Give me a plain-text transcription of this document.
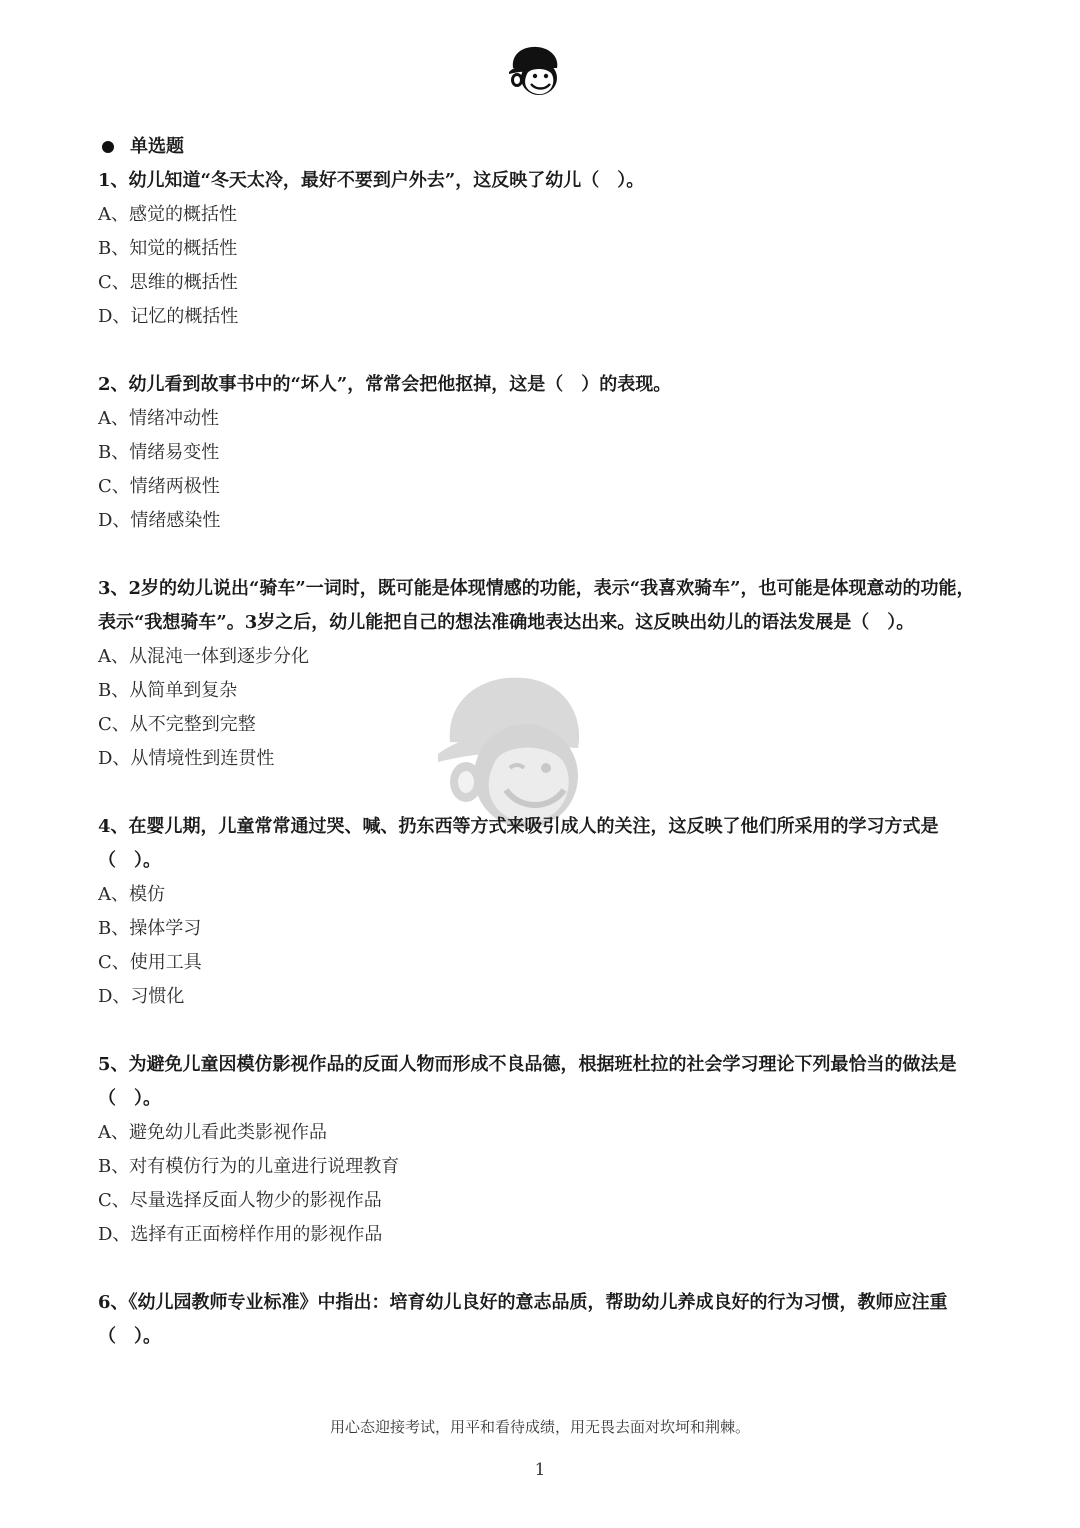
单选题

1、幼儿知道“冬天太冷，最好不要到户外去”，这反映了幼儿（　）。

A、感觉的概括性

B、知觉的概括性

C、思维的概括性

D、记忆的概括性

2、幼儿看到故事书中的“坏人”，常常会把他抠掉，这是（　）的表现。

A、情绪冲动性

B、情绪易变性

C、情绪两极性

D、情绪感染性

3、2岁的幼儿说出“骑车”一词时，既可能是体现情感的功能，表示“我喜欢骑车”，也可能是体现意动的功能，表示“我想骑车”。3岁之后，幼儿能把自己的想法准确地表达出来。这反映出幼儿的语法发展是（　）。

A、从混沌一体到逐步分化

B、从简单到复杂

C、从不完整到完整

D、从情境性到连贯性

4、在婴儿期，儿童常常通过哭、喊、扔东西等方式来吸引成人的关注，这反映了他们所采用的学习方式是（　）。

A、模仿

B、操体学习

C、使用工具

D、习惯化

5、为避免儿童因模仿影视作品的反面人物而形成不良品德，根据班杜拉的社会学习理论下列最恰当的做法是（　）。

A、避免幼儿看此类影视作品

B、对有模仿行为的儿童进行说理教育

C、尽量选择反面人物少的影视作品

D、选择有正面榜样作用的影视作品

6、《幼儿园教师专业标准》中指出：培育幼儿良好的意志品质，帮助幼儿养成良好的行为习惯，教师应注重（　）。

用心态迎接考试，用平和看待成绩，用无畏去面对坎坷和荆棘。
1
